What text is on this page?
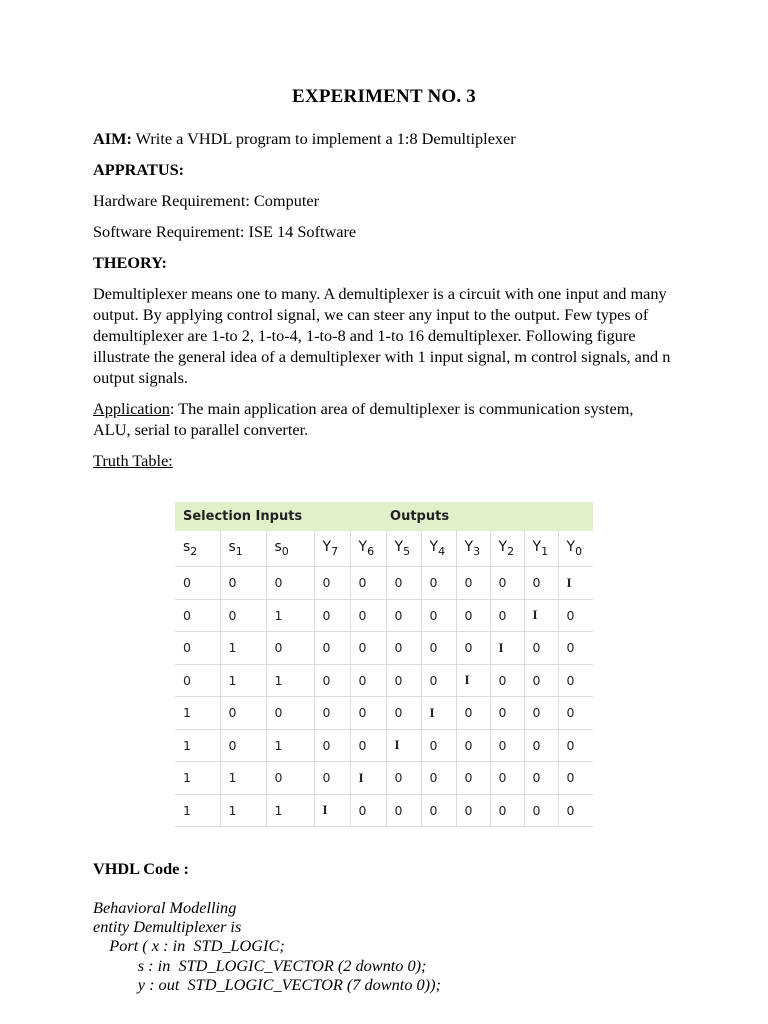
EXPERIMENT NO. 3
AIM: Write a VHDL program to implement a 1:8 Demultiplexer
APPRATUS:
Hardware Requirement: Computer
Software Requirement: ISE 14 Software
THEORY:
Demultiplexer means one to many. A demultiplexer is a circuit with one input and many output. By applying control signal, we can steer any input to the output. Few types of demultiplexer are 1-to 2, 1-to-4, 1-to-8 and 1-to 16 demultiplexer. Following figure illustrate the general idea of a demultiplexer with 1 input signal, m control signals, and n output signals.
Application: The main application area of demultiplexer is communication system, ALU, serial to parallel converter.
Truth Table:
Selection Inputs			Outputs							
$s_2$	$s_1$	$s_0$	$Y_7$	$Y_6$	$Y_5$	$Y_4$	$Y_3$	$Y_2$	$Y_1$	$Y_0$
0	0	0	0	0	0	0	0	0	0	I
0	0	1	0	0	0	0	0	0	I	0
0	1	0	0	0	0	0	0	I	0	0
0	1	1	0	0	0	0	I	0	0	0
1	0	0	0	0	0	I	0	0	0	0
1	0	1	0	0	I	0	0	0	0	0
1	1	0	0	I	0	0	0	0	0	0
1	1	1	I	0	0	0	0	0	0	0
VHDL Code :
Behavioral Modelling
entity Demultiplexer is
Port ( x : in  STD_LOGIC;
s : in  STD_LOGIC_VECTOR (2 downto 0);
y : out  STD_LOGIC_VECTOR (7 downto 0));
